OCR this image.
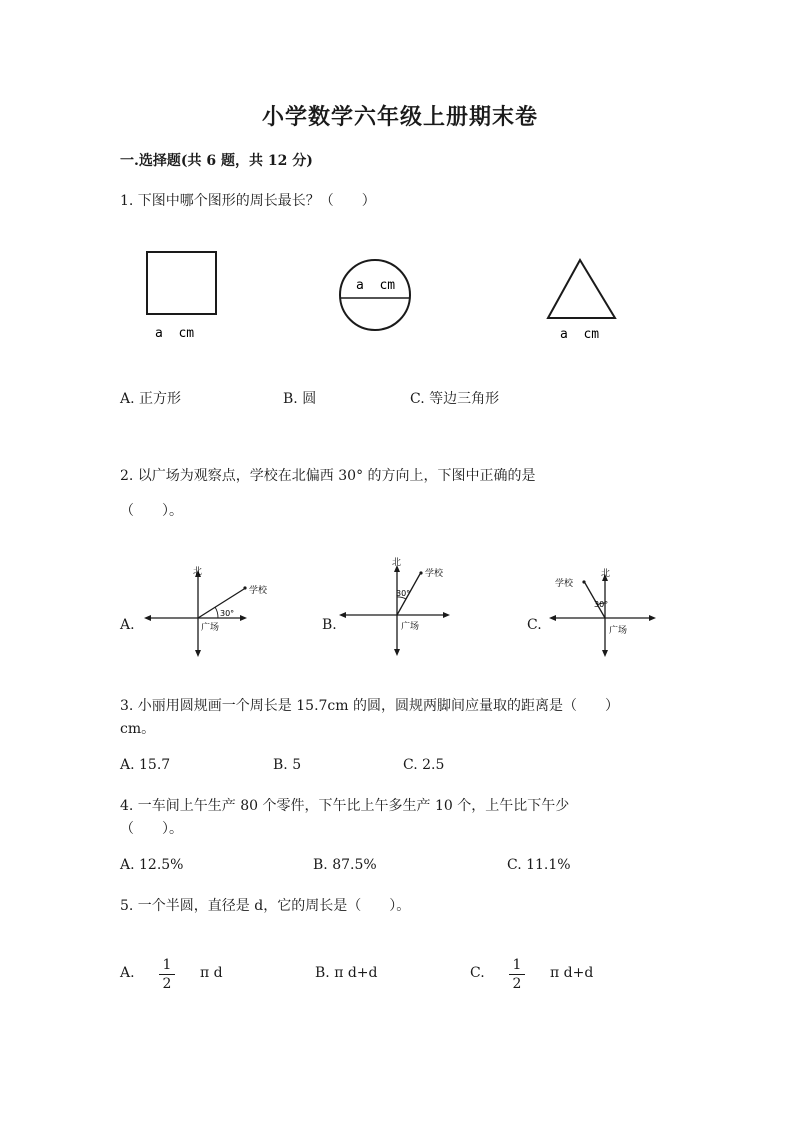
小学数学六年级上册期末卷
一.选择题(共 6 题，共 12 分)
1. 下图中哪个图形的周长最长？（　　）
a  cm
a  cm
a  cm
A. 正方形	B. 圆	C. 等边三角形
2. 以广场为观察点，学校在北偏西 30° 的方向上，下图中正确的是
（　　）。
A.	B.	C.
北
学校
30°
广场
北
学校
30°
广场
北
学校
30°
广场
3. 小丽用圆规画一个周长是 15.7cm 的圆，圆规两脚间应量取的距离是（　　）
cm。
A. 15.7	B. 5	C. 2.5
4. 一车间上午生产 80 个零件，下午比上午多生产 10 个，上午比下午少
（　　）。
A. 12.5%	B. 87.5%	C. 11.1%
5. 一个半圆，直径是 d，它的周长是（　　）。
A. 1
2
π d	B. π d+d	C. 1
2
π d+d
